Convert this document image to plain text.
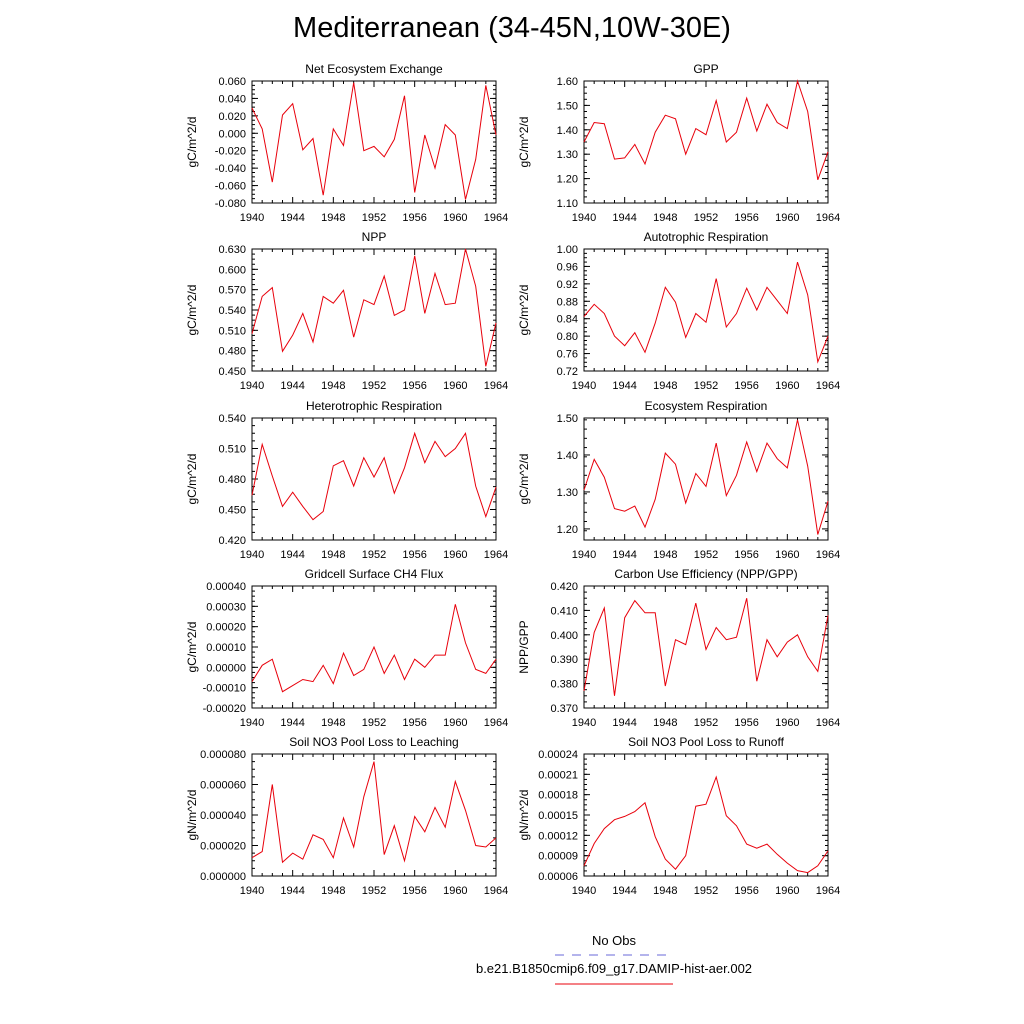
Mediterranean (34-45N,10W-30E)
Net Ecosystem Exchange
gC/m^2/d
1940 1944 1948 1952 1956 1960 1964
-0.080
-0.060
-0.040
-0.020
0.000
0.020
0.040
0.060
GPP
gC/m^2/d
1940 1944 1948 1952 1956 1960 1964
1.10
1.20
1.30
1.40
1.50
1.60
NPP
gC/m^2/d
1940 1944 1948 1952 1956 1960 1964
0.450
0.480
0.510
0.540
0.570
0.600
0.630
Autotrophic Respiration
gC/m^2/d
1940 1944 1948 1952 1956 1960 1964
0.72
0.76
0.80
0.84
0.88
0.92
0.96
1.00
Heterotrophic Respiration
gC/m^2/d
1940 1944 1948 1952 1956 1960 1964
0.420
0.450
0.480
0.510
0.540
Ecosystem Respiration
gC/m^2/d
1940 1944 1948 1952 1956 1960 1964
1.20
1.30
1.40
1.50
Gridcell Surface CH4 Flux
gC/m^2/d
1940 1944 1948 1952 1956 1960 1964
-0.00020
-0.00010
0.00000
0.00010
0.00020
0.00030
0.00040
Carbon Use Efficiency (NPP/GPP)
NPP/GPP
1940 1944 1948 1952 1956 1960 1964
0.370
0.380
0.390
0.400
0.410
0.420
Soil NO3 Pool Loss to Leaching
gN/m^2/d
1940 1944 1948 1952 1956 1960 1964
0.000000
0.000020
0.000040
0.000060
0.000080
Soil NO3 Pool Loss to Runoff
gN/m^2/d
1940 1944 1948 1952 1956 1960 1964
0.00006
0.00009
0.00012
0.00015
0.00018
0.00021
0.00024
No Obs
b.e21.B1850cmip6.f09_g17.DAMIP-hist-aer.002
